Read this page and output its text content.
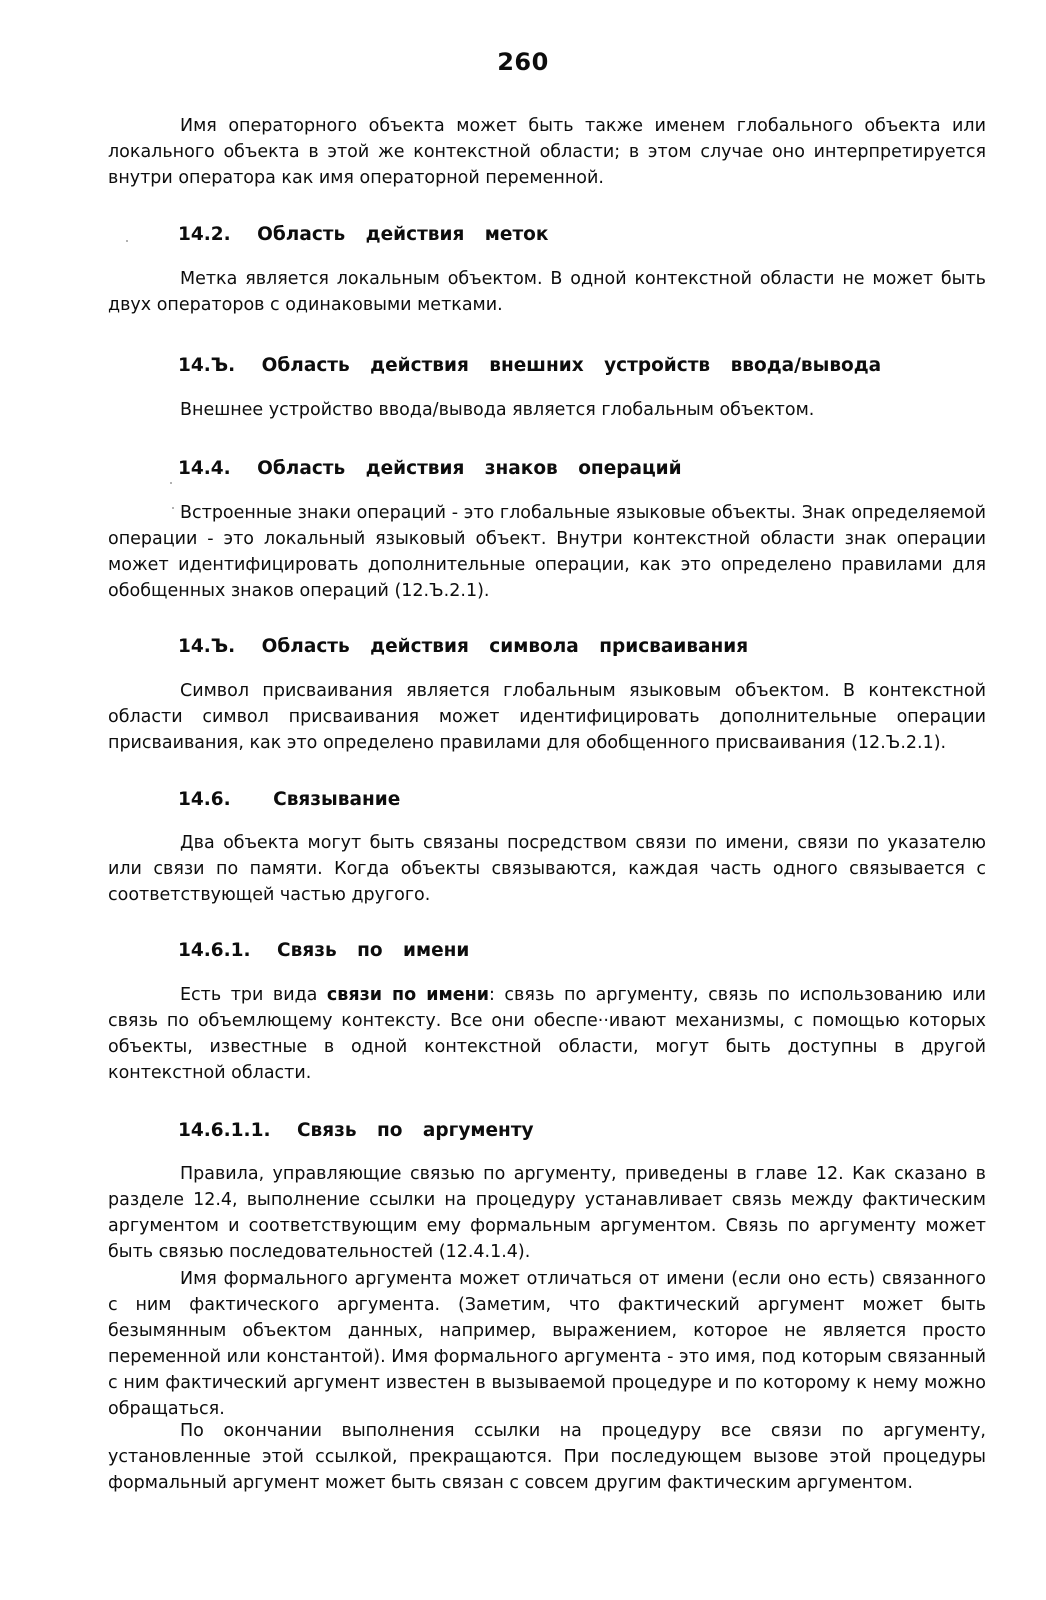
260

Имя операторного объекта может быть также именем глобального объекта или локального объекта в этой же контекстной области; в этом случае оно интерпретируется внутри оператора как имя операторной переменной.

14.2. Область действия меток

Метка является локальным объектом. В одной контекстной области не может быть двух операторов с одинаковыми метками.

14.Ъ. Область действия внешних устройств ввода/вывода

Внешнее устройство ввода/вывода является глобальным объектом.

14.4. Область действия знаков операций

Встроенные знаки операций - это глобальные языковые объекты. Знак определяемой операции - это локальный языковый объект. Внутри контекстной области знак операции может идентифицировать дополнительные операции, как это определено правилами для обобщенных знаков операций (12.Ъ.2.1).

14.Ъ. Область действия символа присваивания

Символ присваивания является глобальным языковым объектом. В контекстной области символ присваивания может идентифицировать дополнительные операции присваивания, как это определено правилами для обобщенного присваивания (12.Ъ.2.1).

14.6. Связывание

Два объекта могут быть связаны посредством связи по имени, связи по указателю или связи по памяти. Когда объекты связываются, каждая часть одного связывается с соответствующей частью другого.

14.6.1. Связь по имени

Есть три вида связи по имени: связь по аргументу, связь по использованию или связь по объемлющему контексту. Все они обеспе··ивают механизмы, с помощью которых объекты, известные в одной контекстной области, могут быть доступны в другой контекстной области.

14.6.1.1. Связь по аргументу

Правила, управляющие связью по аргументу, приведены в главе 12. Как сказано в разделе 12.4, выполнение ссылки на процедуру устанавливает связь между фактическим аргументом и соответствующим ему формальным аргументом. Связь по аргументу может быть связью последовательностей (12.4.1.4).

Имя формального аргумента может отличаться от имени (если оно есть) связанного с ним фактического аргумента. (Заметим, что фактический аргумент может быть безымянным объектом данных, например, выражением, которое не является просто переменной или константой). Имя формального аргумента - это имя, под которым связанный с ним фактический аргумент известен в вызываемой процедуре и по которому к нему можно обращаться.

По окончании выполнения ссылки на процедуру все связи по аргументу, установленные этой ссылкой, прекращаются. При последующем вызове этой процедуры формальный аргумент может быть связан с совсем другим фактическим аргументом.
